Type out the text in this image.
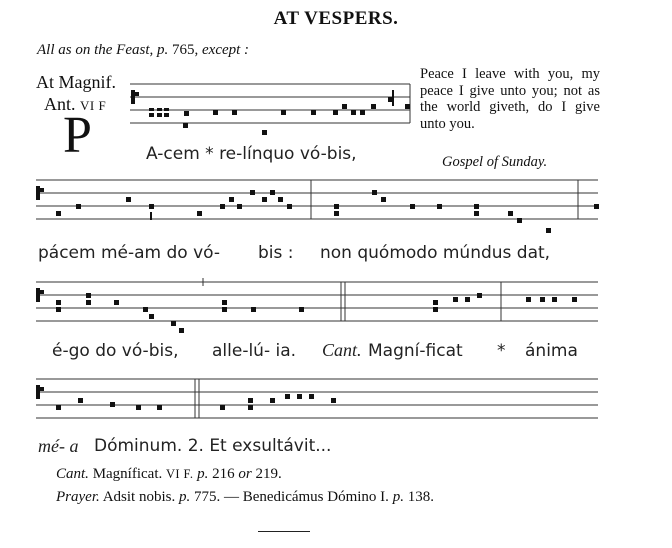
AT VESPERS.
All as on the Feast, p. 765, except :
At Magnif.
Ant. VI F
P
Peace I leave with you, my peace I give unto you; not as the world giveth, do I give unto you.
Gospel of Sunday.
A-cem * re-línquo vó-bis,
pácem mé-am do vó- bis : non quómodo múndus dat,
é-go do vó-bis, alle-lú- ia. Cant. Magní-ficat * ánima
mé- a Dóminum. 2. Et exsultávit...
Cant. Magníficat. VI F. p. 216 or 219.
Prayer. Adsit nobis. p. 775. — Benedicámus Dómino I. p. 138.
